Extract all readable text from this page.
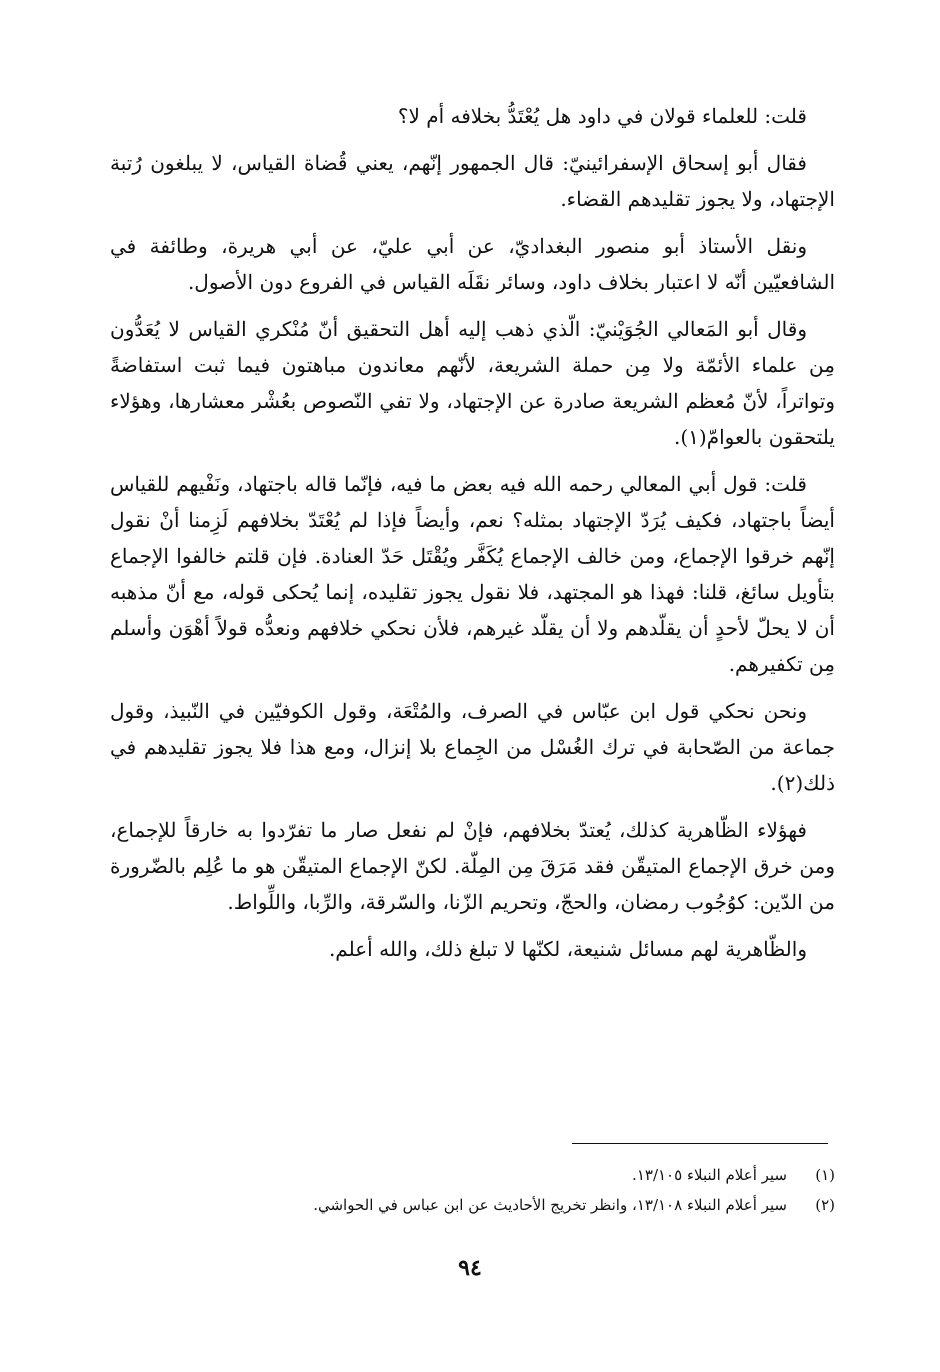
قلت: للعلماء قولان في داود هل يُعْتَدُّ بخلافه أم لا؟

فقال أبو إسحاق الإسفرائينيّ: قال الجمهور إنّهم، يعني قُضاة القياس، لا يبلغون رُتبة الإجتهاد، ولا يجوز تقليدهم القضاء.

ونقل الأستاذ أبو منصور البغداديّ، عن أبي عليّ، عن أبي هريرة، وطائفة في الشافعيّين أنّه لا اعتبار بخلاف داود، وسائر نقَلَه القياس في الفروع دون الأصول.

وقال أبو المَعالي الجُوَيْنيّ: الّذي ذهب إليه أهل التحقيق أنّ مُنْكري القياس لا يُعَدُّون مِن علماء الأئمّة ولا مِن حملة الشريعة، لأنّهم معاندون مباهتون فيما ثبت استفاضةً وتواتراً، لأنّ مُعظم الشريعة صادرة عن الإجتهاد، ولا تفي النّصوص بعُشْر معشارها، وهؤلاء يلتحقون بالعوامّ(١).

قلت: قول أبي المعالي رحمه الله فيه بعض ما فيه، فإنّما قاله باجتهاد، ونَفْيهم للقياس أيضاً باجتهاد، فكيف يُرَدّ الإجتهاد بمثله؟ نعم، وأيضاً فإذا لم يُعْتَدّ بخلافهم لَزِمنا أنْ نقول إنّهم خرقوا الإجماع، ومن خالف الإجماع يُكَفَّر ويُقْتَل حَدّ العنادة. فإن قلتم خالفوا الإجماع بتأويل سائغ، قلنا: فهذا هو المجتهد، فلا نقول يجوز تقليده، إنما يُحكى قوله، مع أنّ مذهبه أن لا يحلّ لأحدٍ أن يقلّدهم ولا أن يقلّد غيرهم، فلأن نحكي خلافهم ونعدُّه قولاً أهْوَن وأسلم مِن تكفيرهم.

ونحن نحكي قول ابن عبّاس في الصرف، والمُتْعَة، وقول الكوفيّين في النّبيذ، وقول جماعة من الصّحابة في ترك الغُسْل من الجِماع بلا إنزال، ومع هذا فلا يجوز تقليدهم في ذلك(٢).

فهؤلاء الظّاهرية كذلك، يُعتدّ بخلافهم، فإنْ لم نفعل صار ما تفرّدوا به خارقاً للإجماع، ومن خرق الإجماع المتيقّن فقد مَرَقَ مِن المِلّة. لكنّ الإجماع المتيقّن هو ما عُلِم بالضّرورة من الدّين: كوُجُوب رمضان، والحجّ، وتحريم الزّنا، والسّرقة، والرِّبا، واللِّواط.

والظّاهرية لهم مسائل شنيعة، لكنّها لا تبلغ ذلك، والله أعلم.

(١)
سير أعلام النبلاء ١٣/١٠٥.
(٢)
سير أعلام النبلاء ١٣/١٠٨، وانظر تخريج الأحاديث عن ابن عباس في الحواشي.
٩٤
